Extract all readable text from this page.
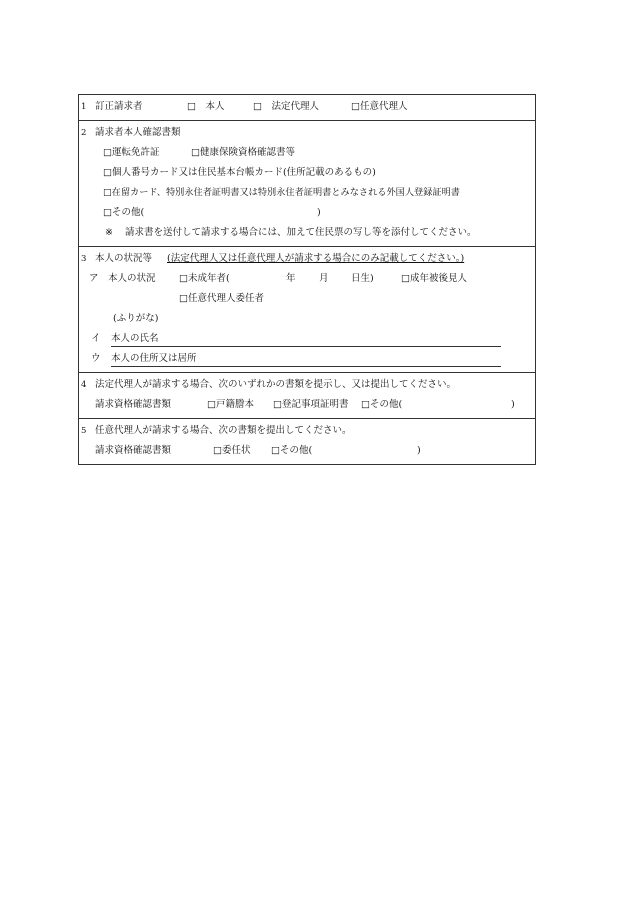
1 訂正請求者	□　本人	□　法定代理人	□任意代理人
2 請求者本人確認書類
□運転免許証	□健康保険資格確認書等
□個人番号カード又は住民基本台帳カード(住所記載のあるもの)
□在留カード、特別永住者証明書又は特別永住者証明書とみなされる外国人登録証明書
□その他(	)
※ 請求書を送付して請求する場合には、加えて住民票の写し等を添付してください。
3 本人の状況等 (法定代理人又は任意代理人が請求する場合にのみ記載してください。)
ア　本人の状況 □未成年者(	年 月 日生)	□成年被後見人
□任意代理人委任者
(ふりがな)
イ 本人の氏名
ウ 本人の住所又は居所
4 法定代理人が請求する場合、次のいずれかの書類を提示し、又は提出してください。
請求資格確認書類	□戸籍謄本 □登記事項証明書 □その他(	)
5 任意代理人が請求する場合、次の書類を提出してください。
請求資格確認書類	□委任状 □その他(	)
